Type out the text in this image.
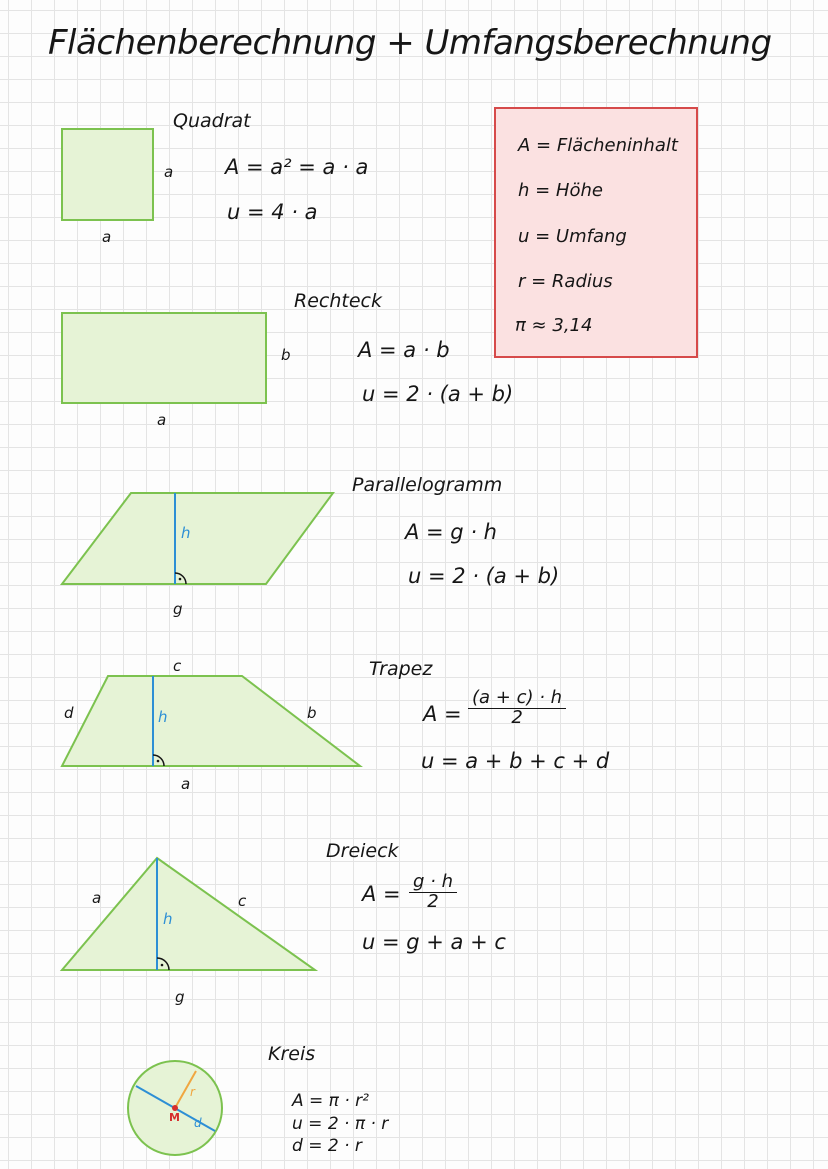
Flächenberechnung + Umfangsberechnung
A = Flächeninhalt
h = Höhe
u = Umfang
r = Radius
π ≈ 3,14
Quadrat
a
a
A = a² = a · a
u = 4 · a
Rechteck
b
a
A = a · b
u = 2 · (a + b)
Parallelogramm
h
g
A = g · h
u = 2 · (a + b)
Trapez
c
d	b
h
a
$A = \frac{(a + c) \cdot h}{2}$
u = a + b + c + d
Dreieck
a	c
h
g
$A = \frac{g \cdot h}{2}$
u = g + a + c
Kreis
M
r
d
A = π · r²
u = 2 · π · r
d = 2 · r
